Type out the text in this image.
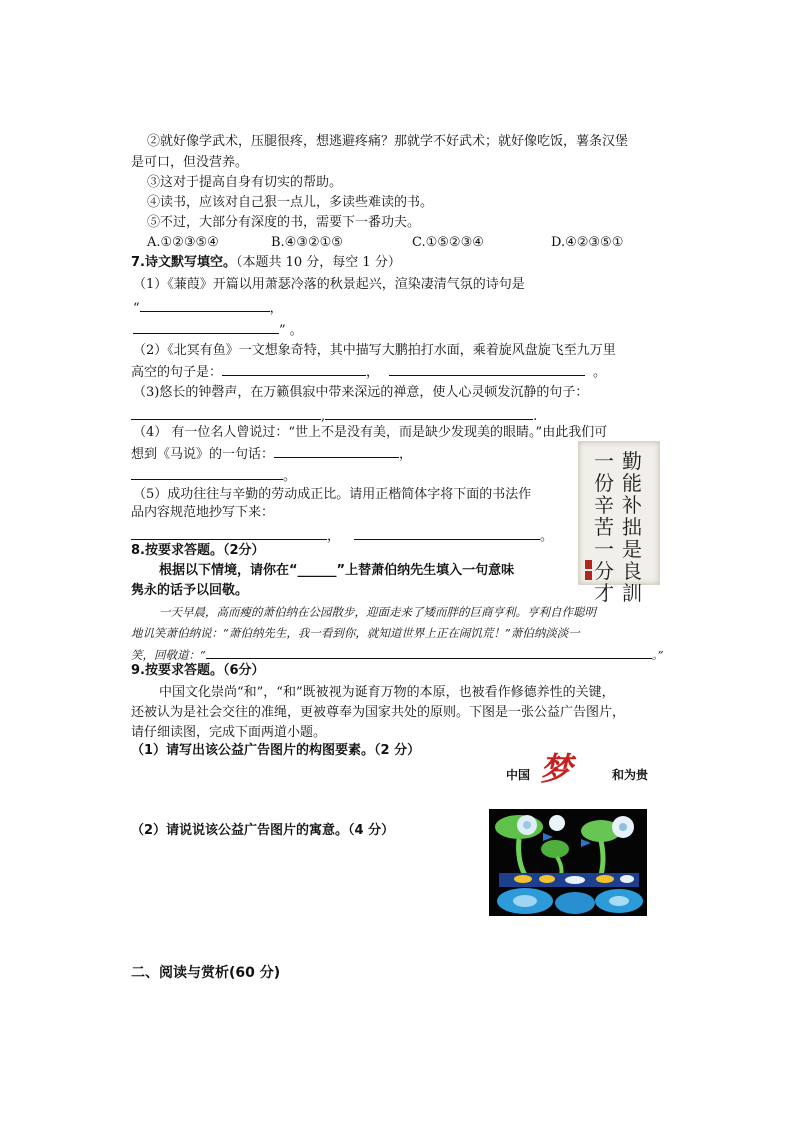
②就好像学武术，压腿很疼，想逃避疼痛？那就学不好武术；就好像吃饭，薯条汉堡
是可口，但没营养。
③这对于提高自身有切实的帮助。
④读书，应该对自己狠一点儿，多读些难读的书。
⑤不过，大部分有深度的书，需要下一番功夫。
A.①②③⑤④	B.④③②①⑤	C.①⑤②③④	D.④②③⑤①
7.诗文默写填空。（本题共 10 分，每空 1 分）
（1）《蒹葭》开篇以用萧瑟冷落的秋景起兴，渲染凄清气氛的诗句是
“	，
” 。
（2）《北冥有鱼》一文想象奇特，其中描写大鹏拍打水面，乘着旋风盘旋飞至九万里
高空的句子是：	，	。
（3)悠长的钟磬声，在万籁俱寂中带来深远的禅意，使人心灵顿发沉静的句子：
,	.
（4） 有一位名人曾说过：“世上不是没有美，而是缺少发现美的眼睛。”由此我们可
想到《马说》的一句话：	，
。
（5）成功往往与辛勤的劳动成正比。请用正楷简体字将下面的书法作
品内容规范地抄写下来：
，	。
勤
能
补
拙
是
良
訓
一
份
辛
苦
一
分
才
8.按要求答题。（2分）
根据以下情境，请你在“______”上替萧伯纳先生填入一句意味
隽永的话予以回敬。
一天早晨，高而瘦的萧伯纳在公园散步，迎面走来了矮而胖的巨商亨利。亨利自作聪明
地讥笑萧伯纳说：“萧伯纳先生，我一看到你，就知道世界上正在闹饥荒！”萧伯纳淡淡一
笑，回敬道：“	。”
9.按要求答题。（6分）
中国文化崇尚“和”，“和”既被视为诞育万物的本原，也被看作修德养性的关键，
还被认为是社会交往的准绳，更被尊奉为国家共处的原则。下图是一张公益广告图片，
请仔细读图，完成下面两道小题。
（1）请写出该公益广告图片的构图要素。（2 分）
（2）请说说该公益广告图片的寓意。（4 分）
中国 梦	和为贵
二、阅读与赏析(60 分)
